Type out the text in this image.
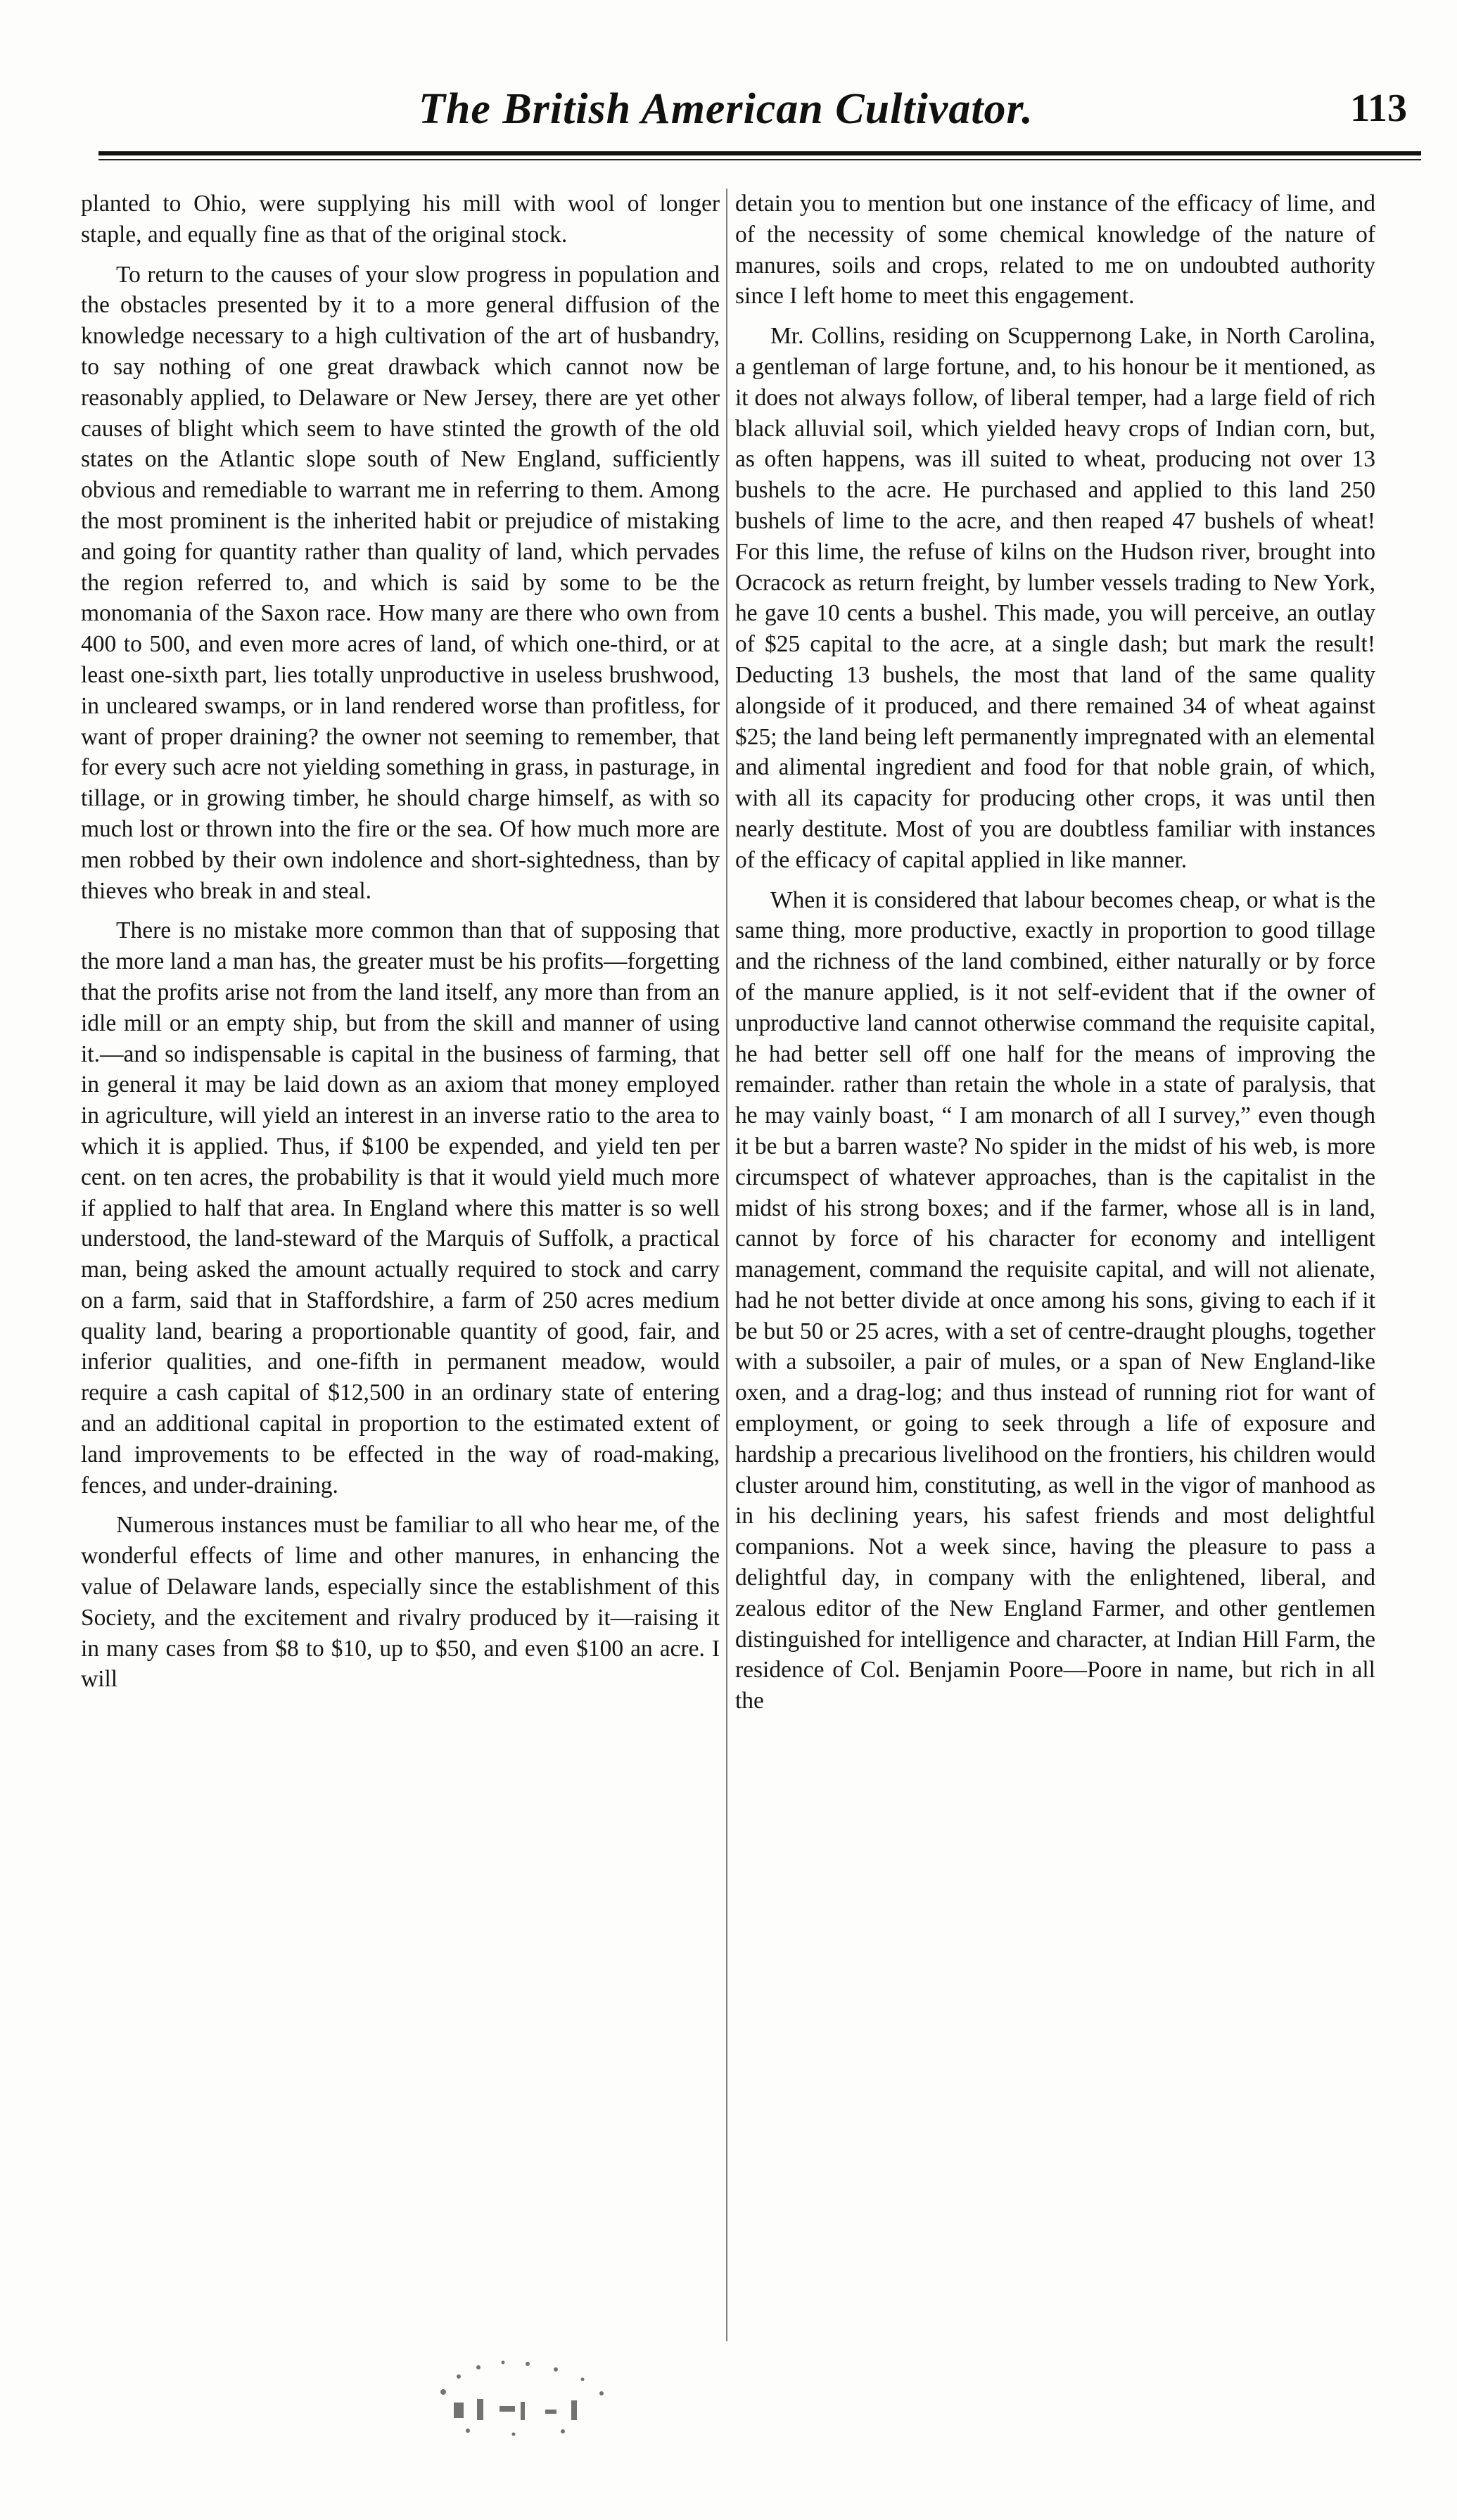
The British American Cultivator.	113

planted to Ohio, were supplying his mill with wool of longer staple, and equally fine as that of the original stock.

To return to the causes of your slow progress in population and the obstacles presented by it to a more general diffusion of the knowledge necessary to a high cultivation of the art of husbandry, to say nothing of one great drawback which cannot now be reasonably applied, to Delaware or New Jersey, there are yet other causes of blight which seem to have stinted the growth of the old states on the Atlantic slope south of New England, sufficiently obvious and remediable to warrant me in referring to them. Among the most prominent is the inherited habit or prejudice of mistaking and going for quantity rather than quality of land, which pervades the region referred to, and which is said by some to be the monomania of the Saxon race. How many are there who own from 400 to 500, and even more acres of land, of which one-third, or at least one-sixth part, lies totally unproductive in useless brushwood, in uncleared swamps, or in land rendered worse than profitless, for want of proper draining? the owner not seeming to remember, that for every such acre not yielding something in grass, in pasturage, in tillage, or in growing timber, he should charge himself, as with so much lost or thrown into the fire or the sea. Of how much more are men robbed by their own indolence and short-sightedness, than by thieves who break in and steal.

There is no mistake more common than that of supposing that the more land a man has, the greater must be his profits—forgetting that the profits arise not from the land itself, any more than from an idle mill or an empty ship, but from the skill and manner of using it.—and so indispensable is capital in the business of farming, that in general it may be laid down as an axiom that money employed in agriculture, will yield an interest in an inverse ratio to the area to which it is applied. Thus, if $100 be expended, and yield ten per cent. on ten acres, the probability is that it would yield much more if applied to half that area. In England where this matter is so well understood, the land-steward of the Marquis of Suffolk, a practical man, being asked the amount actually required to stock and carry on a farm, said that in Staffordshire, a farm of 250 acres medium quality land, bearing a proportionable quantity of good, fair, and inferior qualities, and one-fifth in permanent meadow, would require a cash capital of $12,500 in an ordinary state of entering and an additional capital in proportion to the estimated extent of land improvements to be effected in the way of road-making, fences, and under-draining.

Numerous instances must be familiar to all who hear me, of the wonderful effects of lime and other manures, in enhancing the value of Delaware lands, especially since the establishment of this Society, and the excitement and rivalry produced by it—raising it in many cases from $8 to $10, up to $50, and even $100 an acre. I will

detain you to mention but one instance of the efficacy of lime, and of the necessity of some chemical knowledge of the nature of manures, soils and crops, related to me on undoubted authority since I left home to meet this engagement.

Mr. Collins, residing on Scuppernong Lake, in North Carolina, a gentleman of large fortune, and, to his honour be it mentioned, as it does not always follow, of liberal temper, had a large field of rich black alluvial soil, which yielded heavy crops of Indian corn, but, as often happens, was ill suited to wheat, producing not over 13 bushels to the acre. He purchased and applied to this land 250 bushels of lime to the acre, and then reaped 47 bushels of wheat! For this lime, the refuse of kilns on the Hudson river, brought into Ocracock as return freight, by lumber vessels trading to New York, he gave 10 cents a bushel. This made, you will perceive, an outlay of $25 capital to the acre, at a single dash; but mark the result! Deducting 13 bushels, the most that land of the same quality alongside of it produced, and there remained 34 of wheat against $25; the land being left permanently impregnated with an elemental and alimental ingredient and food for that noble grain, of which, with all its capacity for producing other crops, it was until then nearly destitute. Most of you are doubtless familiar with instances of the efficacy of capital applied in like manner.

When it is considered that labour becomes cheap, or what is the same thing, more productive, exactly in proportion to good tillage and the richness of the land combined, either naturally or by force of the manure applied, is it not self-evident that if the owner of unproductive land cannot otherwise command the requisite capital, he had better sell off one half for the means of improving the remainder. rather than retain the whole in a state of paralysis, that he may vainly boast, “ I am monarch of all I survey,” even though it be but a barren waste? No spider in the midst of his web, is more circumspect of whatever approaches, than is the capitalist in the midst of his strong boxes; and if the farmer, whose all is in land, cannot by force of his character for economy and intelligent management, command the requisite capital, and will not alienate, had he not better divide at once among his sons, giving to each if it be but 50 or 25 acres, with a set of centre-draught ploughs, together with a subsoiler, a pair of mules, or a span of New England-like oxen, and a drag-log; and thus instead of running riot for want of employment, or going to seek through a life of exposure and hardship a precarious livelihood on the frontiers, his children would cluster around him, constituting, as well in the vigor of manhood as in his declining years, his safest friends and most delightful companions. Not a week since, having the pleasure to pass a delightful day, in company with the enlightened, liberal, and zealous editor of the New England Farmer, and other gentlemen distinguished for intelligence and character, at Indian Hill Farm, the residence of Col. Benjamin Poore—Poore in name, but rich in all the
